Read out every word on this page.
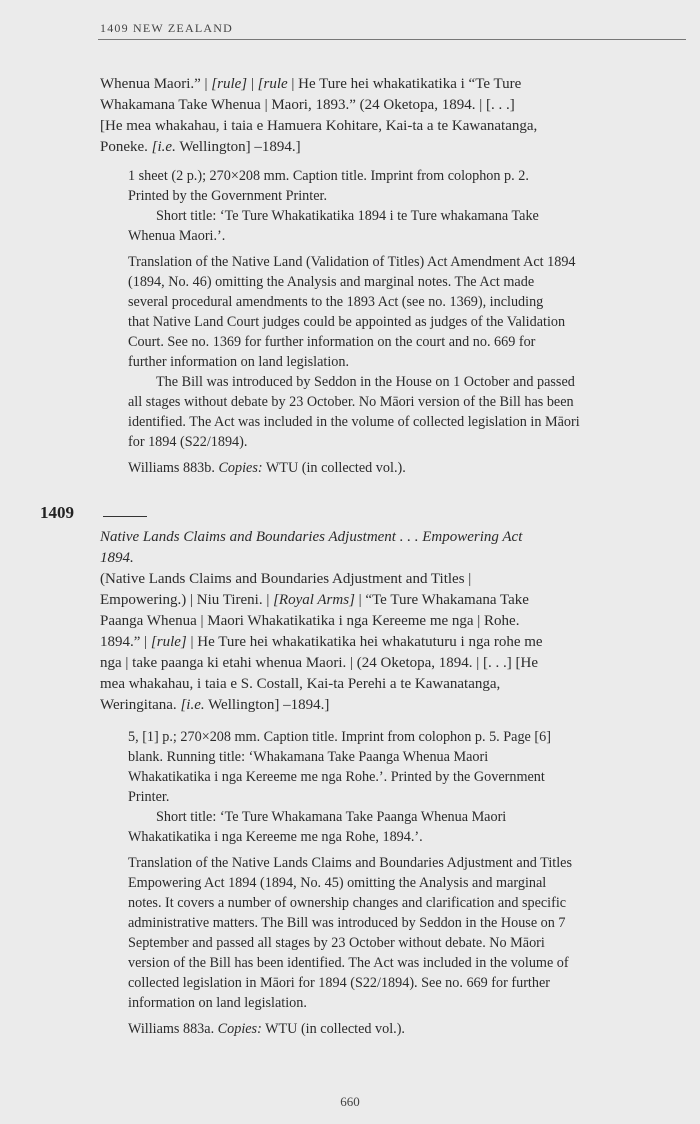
1409 NEW ZEALAND
Whenua Maori.” | [rule] | [rule | He Ture hei whakatikatika i “Te Ture
Whakamana Take Whenua | Maori, 1893.” (24 Oketopa, 1894. | [. . .]
[He mea whakahau, i taia e Hamuera Kohitare, Kai-ta a te Kawanatanga,
Poneke. [i.e. Wellington] –1894.]

1 sheet (2 p.); 270×208 mm. Caption title. Imprint from colophon p. 2.

Printed by the Government Printer.

Short title: ‘Te Ture Whakatikatika 1894 i te Ture whakamana Take

Whenua Maori.’.

Translation of the Native Land (Validation of Titles) Act Amendment Act 1894

(1894, No. 46) omitting the Analysis and marginal notes. The Act made

several procedural amendments to the 1893 Act (see no. 1369), including

that Native Land Court judges could be appointed as judges of the Validation

Court. See no. 1369 for further information on the court and no. 669 for

further information on land legislation.

The Bill was introduced by Seddon in the House on 1 October and passed

all stages without debate by 23 October. No Māori version of the Bill has been

identified. The Act was included in the volume of collected legislation in Māori

for 1894 (S22/1894).

Williams 883b. Copies: WTU (in collected vol.).

1409
Native Lands Claims and Boundaries Adjustment . . . Empowering Act
1894.
(Native Lands Claims and Boundaries Adjustment and Titles |
Empowering.) | Niu Tireni. | [Royal Arms] | “Te Ture Whakamana Take
Paanga Whenua | Maori Whakatikatika i nga Kereeme me nga | Rohe.
1894.” | [rule] | He Ture hei whakatikatika hei whakatuturu i nga rohe me
nga | take paanga ki etahi whenua Maori. | (24 Oketopa, 1894. | [. . .] [He
mea whakahau, i taia e S. Costall, Kai-ta Perehi a te Kawanatanga,
Weringitana. [i.e. Wellington] –1894.]

5, [1] p.; 270×208 mm. Caption title. Imprint from colophon p. 5. Page [6]

blank. Running title: ‘Whakamana Take Paanga Whenua Maori

Whakatikatika i nga Kereeme me nga Rohe.’. Printed by the Government

Printer.

Short title: ‘Te Ture Whakamana Take Paanga Whenua Maori

Whakatikatika i nga Kereeme me nga Rohe, 1894.’.

Translation of the Native Lands Claims and Boundaries Adjustment and Titles

Empowering Act 1894 (1894, No. 45) omitting the Analysis and marginal

notes. It covers a number of ownership changes and clarification and specific

administrative matters. The Bill was introduced by Seddon in the House on 7

September and passed all stages by 23 October without debate. No Māori

version of the Bill has been identified. The Act was included in the volume of

collected legislation in Māori for 1894 (S22/1894). See no. 669 for further

information on land legislation.

Williams 883a. Copies: WTU (in collected vol.).

660
